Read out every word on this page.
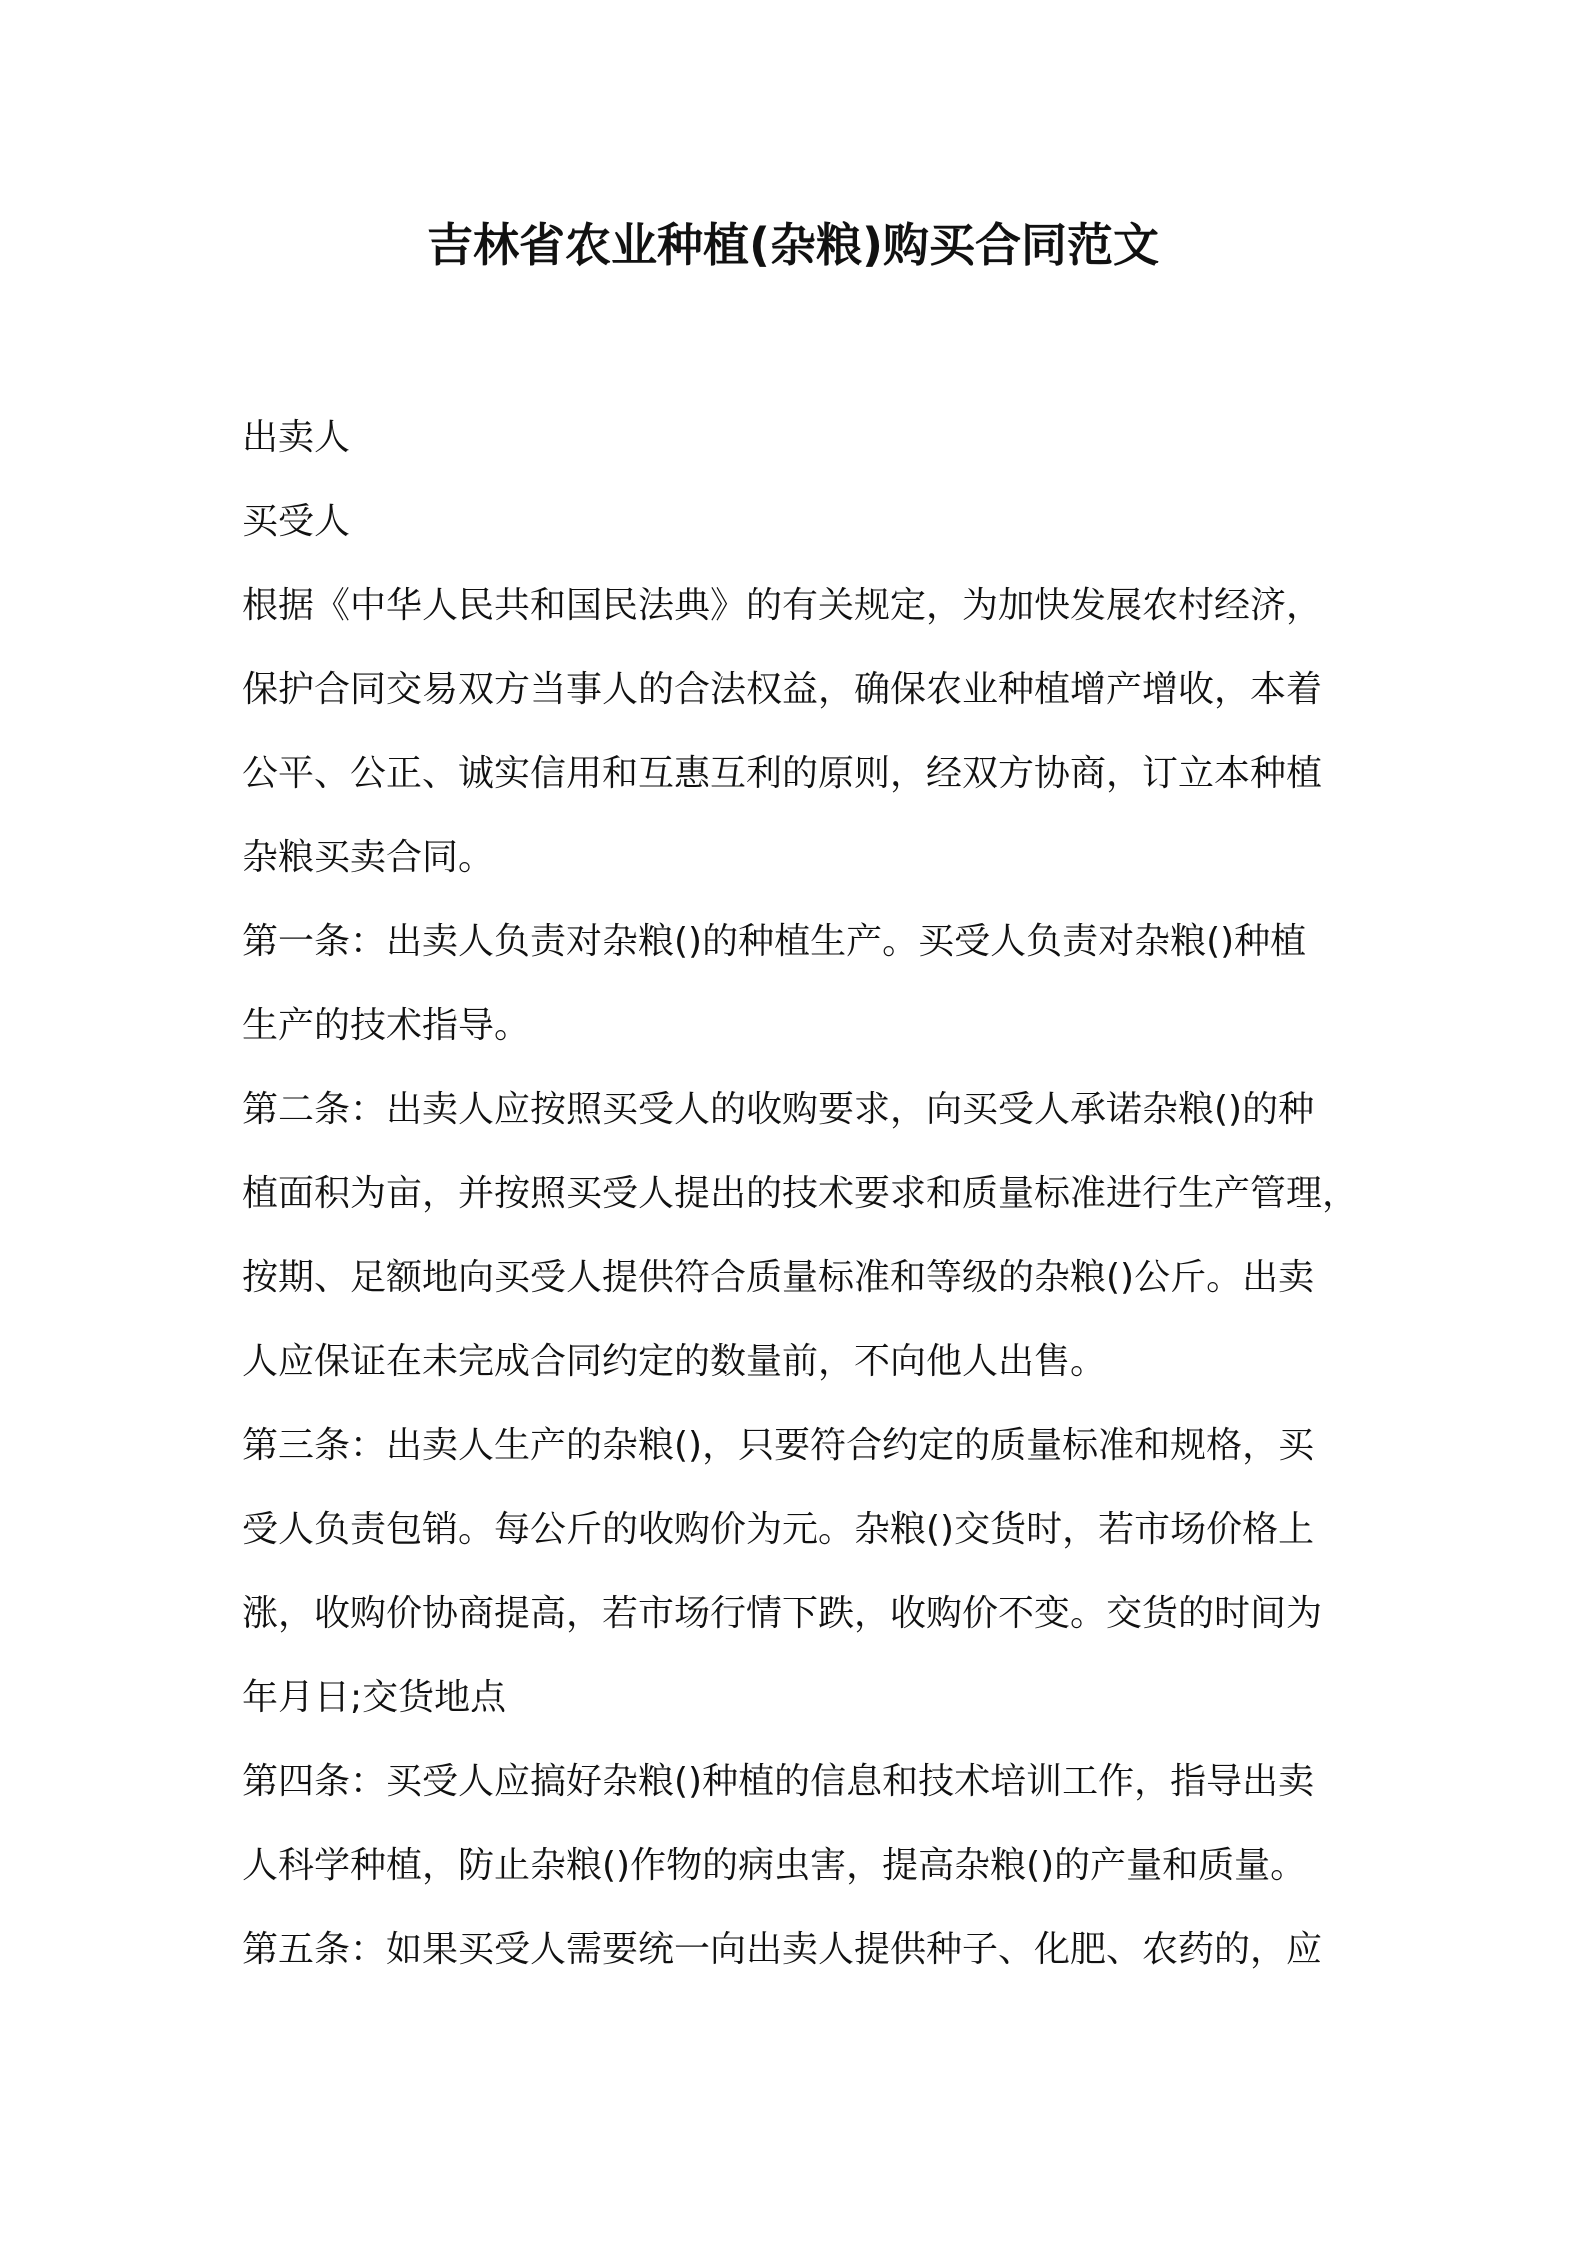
吉林省农业种植(杂粮)购买合同范文
出卖人
买受人
根据《中华人民共和国民法典》的有关规定，为加快发展农村经济，
保护合同交易双方当事人的合法权益，确保农业种植增产增收，本着
公平、公正、诚实信用和互惠互利的原则，经双方协商，订立本种植
杂粮买卖合同。
第一条：出卖人负责对杂粮()的种植生产。买受人负责对杂粮()种植
生产的技术指导。
第二条：出卖人应按照买受人的收购要求，向买受人承诺杂粮()的种
植面积为亩，并按照买受人提出的技术要求和质量标准进行生产管理，
按期、足额地向买受人提供符合质量标准和等级的杂粮()公斤。出卖
人应保证在未完成合同约定的数量前，不向他人出售。
第三条：出卖人生产的杂粮()，只要符合约定的质量标准和规格，买
受人负责包销。每公斤的收购价为元。杂粮()交货时，若市场价格上
涨，收购价协商提高，若市场行情下跌，收购价不变。交货的时间为
年月日;交货地点
第四条：买受人应搞好杂粮()种植的信息和技术培训工作，指导出卖
人科学种植，防止杂粮()作物的病虫害，提高杂粮()的产量和质量。
第五条：如果买受人需要统一向出卖人提供种子、化肥、农药的，应
